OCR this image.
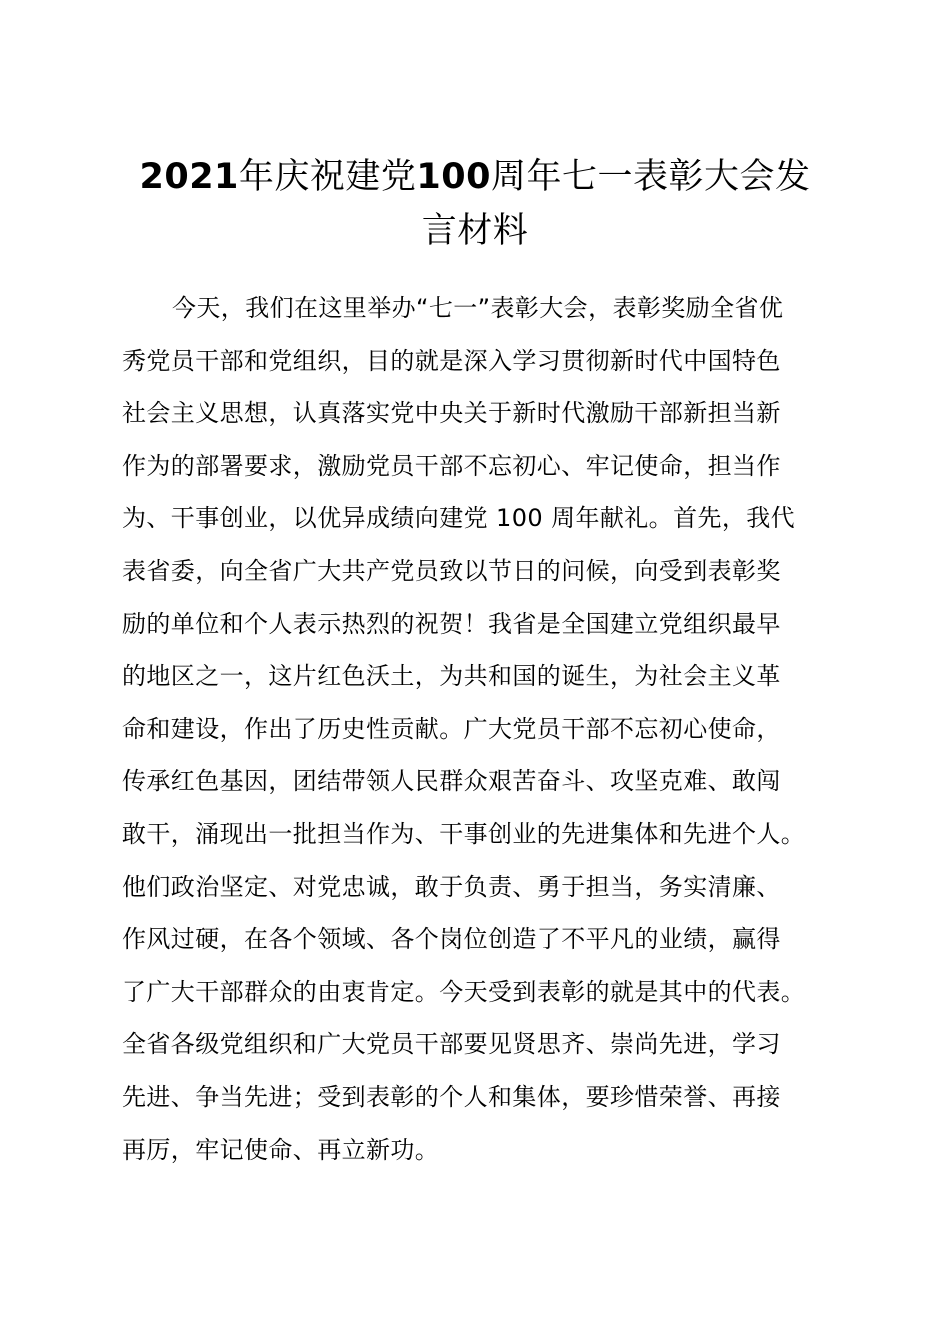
2021年庆祝建党100周年七一表彰大会发
言材料
今天，我们在这里举办“七一”表彰大会，表彰奖励全省优
秀党员干部和党组织，目的就是深入学习贯彻新时代中国特色
社会主义思想，认真落实党中央关于新时代激励干部新担当新
作为的部署要求，激励党员干部不忘初心、牢记使命，担当作
为、干事创业，以优异成绩向建党 100 周年献礼。首先，我代
表省委，向全省广大共产党员致以节日的问候，向受到表彰奖
励的单位和个人表示热烈的祝贺！我省是全国建立党组织最早
的地区之一，这片红色沃土，为共和国的诞生，为社会主义革
命和建设，作出了历史性贡献。广大党员干部不忘初心使命，
传承红色基因，团结带领人民群众艰苦奋斗、攻坚克难、敢闯
敢干，涌现出一批担当作为、干事创业的先进集体和先进个人。
他们政治坚定、对党忠诚，敢于负责、勇于担当，务实清廉、
作风过硬，在各个领域、各个岗位创造了不平凡的业绩，赢得
了广大干部群众的由衷肯定。今天受到表彰的就是其中的代表。
全省各级党组织和广大党员干部要见贤思齐、崇尚先进，学习
先进、争当先进；受到表彰的个人和集体，要珍惜荣誉、再接
再厉，牢记使命、再立新功。
